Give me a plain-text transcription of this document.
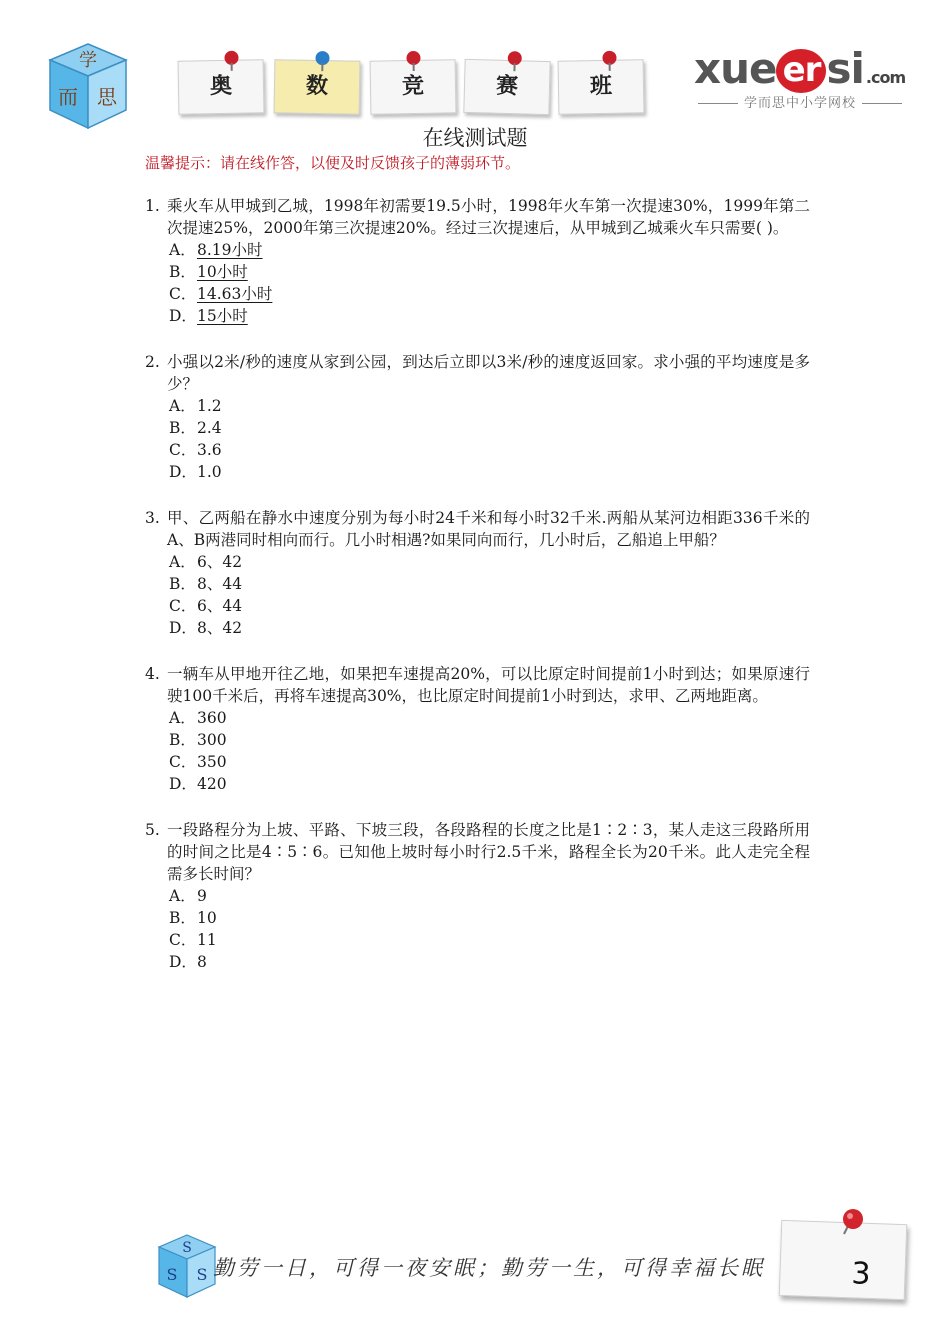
学
而 思	奥	数	竞	赛	班	xue er si .com
学而思中小学网校
在线测试题
温馨提示：请在线作答，以便及时反馈孩子的薄弱环节。
1. 乘火车从甲城到乙城，1998年初需要19.5小时，1998年火车第一次提速30%，1999年第二次提速25%，2000年第三次提速20%。经过三次提速后，从甲城到乙城乘火车只需要( )。
A．8.19小时
B．10小时
C．14.63小时
D．15小时
2. 小强以2米/秒的速度从家到公园，到达后立即以3米/秒的速度返回家。求小强的平均速度是多少？
A．1.2
B．2.4
C．3.6
D．1.0
3. 甲、乙两船在静水中速度分别为每小时24千米和每小时32千米.两船从某河边相距336千米的A、B两港同时相向而行。几小时相遇?如果同向而行，几小时后，乙船追上甲船？
A．6、42
B．8、44
C．6、44
D．8、42
4. 一辆车从甲地开往乙地，如果把车速提高20%，可以比原定时间提前1小时到达；如果原速行驶100千米后，再将车速提高30%，也比原定时间提前1小时到达，求甲、乙两地距离。
A．360
B．300
C．350
D．420
5. 一段路程分为上坡、平路、下坡三段，各段路程的长度之比是1∶2∶3，某人走这三段路所用的时间之比是4∶5∶6。已知他上坡时每小时行2.5千米，路程全长为20千米。此人走完全程需多长时间？
A．9
B．10
C．11
D．8
S
S S 勤劳一日，可得一夜安眠；勤劳一生，可得幸福长眠	3
